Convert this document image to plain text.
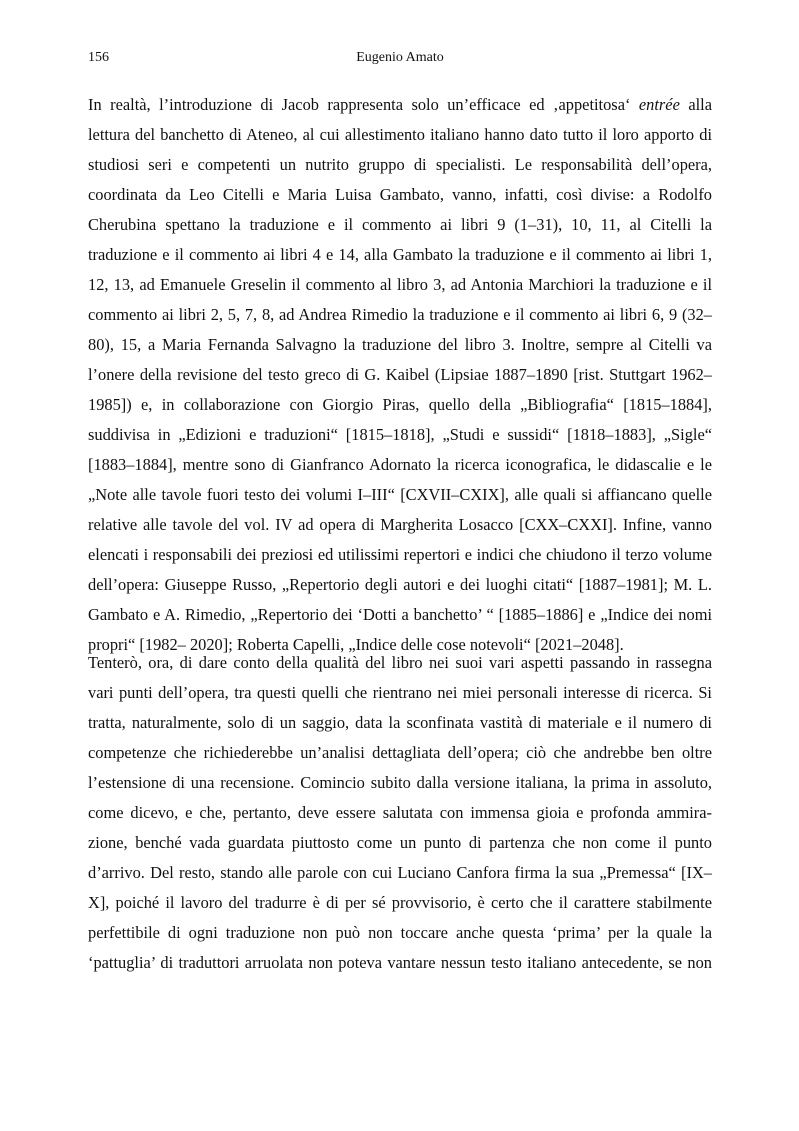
156	Eugenio Amato
In realtà, l’introduzione di Jacob rappresenta solo un’efficace ed ‚appetitosa‘ entrée alla
lettura del banchetto di Ateneo, al cui allestimento italiano hanno dato tutto il loro apporto di
studiosi seri e competenti un nutrito gruppo di specialisti. Le responsabilità dell’opera,
coordinata da Leo Citelli e Maria Luisa Gambato, vanno, infatti, così divise: a Rodolfo
Cherubina spettano la traduzione e il commento ai libri 9 (1–31), 10, 11, al Citelli la
traduzione e il commento ai libri 4 e 14, alla Gambato la traduzione e il commento ai libri 1,
12, 13, ad Emanuele Greselin il commento al libro 3, ad Antonia Marchiori la traduzione e il
commento ai libri 2, 5, 7, 8, ad Andrea Rimedio la traduzione e il commento ai libri 6, 9 (32–
80), 15, a Maria Fernanda Salvagno la traduzione del libro 3. Inoltre, sempre al Citelli va
l’onere della revisione del testo greco di G. Kaibel (Lipsiae 1887–1890 [rist. Stuttgart 1962–
1985]) e, in collaborazione con Giorgio Piras, quello della „Bibliografia“ [1815–1884],
suddivisa in „Edizioni e traduzioni“ [1815–1818], „Studi e sussidi“ [1818–1883], „Sigle“
[1883–1884], mentre sono di Gianfranco Adornato la ricerca iconografica, le didascalie e le
„Note alle tavole fuori testo dei volumi I–III“ [CXVII–CXIX], alle quali si affiancano quelle
relative alle tavole del vol. IV ad opera di Margherita Losacco [CXX–CXXI]. Infine, vanno
elencati i responsabili dei preziosi ed utilissimi repertori e indici che chiudono il terzo volume
dell’opera: Giuseppe Russo, „Repertorio degli autori e dei luoghi citati“ [1887–1981]; M. L.
Gambato e A. Rimedio, „Repertorio dei ‘Dotti a banchetto’ “ [1885–1886] e „Indice dei nomi
propri“ [1982– 2020]; Roberta Capelli, „Indice delle cose notevoli“ [2021–2048].
Tenterò, ora, di dare conto della qualità del libro nei suoi vari aspetti passando in rassegna
vari punti dell’opera, tra questi quelli che rientrano nei miei personali interesse di ricerca. Si
tratta, naturalmente, solo di un saggio, data la sconfinata vastità di materiale e il numero di
competenze che richiederebbe un’analisi dettagliata dell’opera; ciò che andrebbe ben oltre
l’estensione di una recensione. Comincio subito dalla versione italiana, la prima in assoluto,
come dicevo, e che, pertanto, deve essere salutata con immensa gioia e profonda ammira-
zione, benché vada guardata piuttosto come un punto di partenza che non come il punto
d’arrivo. Del resto, stando alle parole con cui Luciano Canfora firma la sua „Premessa“ [IX–
X], poiché il lavoro del tradurre è di per sé provvisorio, è certo che il carattere stabilmente
perfettibile di ogni traduzione non può non toccare anche questa ‘prima’ per la quale la
‘pattuglia’ di traduttori arruolata non poteva vantare nessun testo italiano antecedente, se non
